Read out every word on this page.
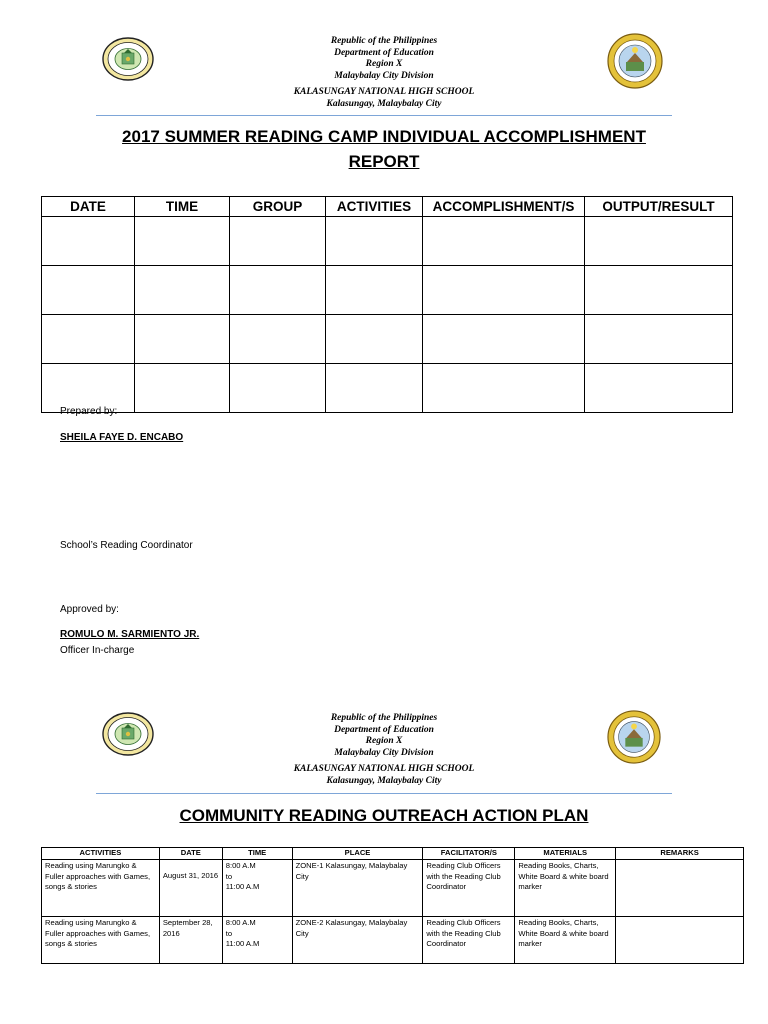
Republic of the Philippines
Department of Education
Region X
Malaybalay City Division
KALASUNGAY NATIONAL HIGH SCHOOL
Kalasungay, Malaybalay City
2017 SUMMER READING CAMP INDIVIDUAL ACCOMPLISHMENT
REPORT
DATE	TIME	GROUP	ACTIVITIES	ACCOMPLISHMENT/S	OUTPUT/RESULT

Prepared by:
SHEILA FAYE D. ENCABO
School’s Reading Coordinator
Approved by:
ROMULO M. SARMIENTO JR.
Officer In-charge
Republic of the Philippines
Department of Education
Region X
Malaybalay City Division
KALASUNGAY NATIONAL HIGH SCHOOL
Kalasungay, Malaybalay City
COMMUNITY READING OUTREACH ACTION PLAN
ACTIVITIES	DATE	TIME	PLACE	FACILITATOR/S	MATERIALS	REMARKS
Reading using Marungko & Fuller approaches with Games, songs & stories	August 31, 2016	8:00 A.M
to
11:00 A.M	ZONE-1 Kalasungay, Malaybalay City	Reading Club Officers with the Reading Club Coordinator	Reading Books, Charts, White Board & white board marker	
Reading using Marungko & Fuller approaches with Games, songs & stories	September 28, 2016	8:00 A.M
to
11:00 A.M	ZONE-2 Kalasungay, Malaybalay City	Reading Club Officers with the Reading Club Coordinator	Reading Books, Charts, White Board & white board marker	
